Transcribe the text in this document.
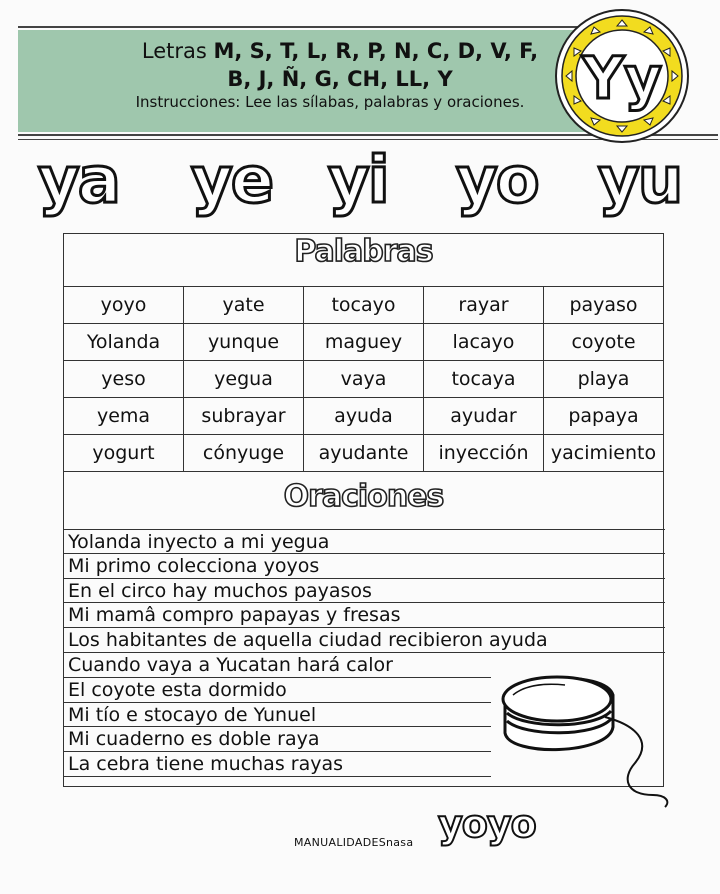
Letras M, S, T, L, R, P, N, C, D, V, F,
B, J, Ñ, G, CH, LL, Y
Instrucciones: Lee las sílabas, palabras y oraciones. Yy
ya ye yi yo yu
Palabras
yoyo	yate	tocayo	rayar	payaso
Yolanda	yunque	maguey	lacayo	coyote
yeso	yegua	vaya	tocaya	playa
yema	subrayar	ayuda	ayudar	papaya
yogurt	cónyuge	ayudante	inyección	yacimiento
Oraciones
Yolanda inyecto a mi yegua
Mi primo colecciona yoyos
En el circo hay muchos payasos
Mi mamâ compro papayas y fresas
Los habitantes de aquella ciudad recibieron ayuda
Cuando vaya a Yucatan hará calor
El coyote esta dormido
Mi tío e stocayo de Yunuel
Mi cuaderno es doble raya
La cebra tiene muchas rayas
yoyo
MANUALIDADESnasa
